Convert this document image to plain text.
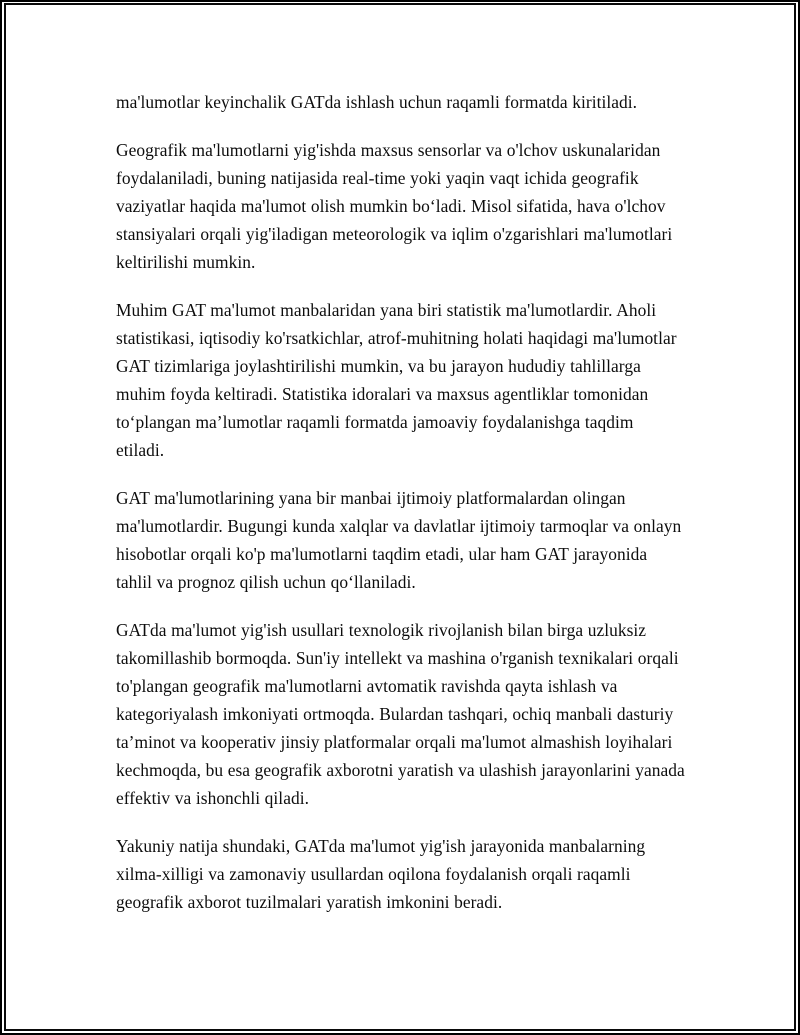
ma'lumotlar keyinchalik GATda ishlash uchun raqamli formatda kiritiladi.

Geografik ma'lumotlarni yig'ishda maxsus sensorlar va o'lchov uskunalaridan foydalaniladi, buning natijasida real-time yoki yaqin vaqt ichida geografik vaziyatlar haqida ma'lumot olish mumkin bo‘ladi. Misol sifatida, hava o'lchov stansiyalari orqali yig'iladigan meteorologik va iqlim o'zgarishlari ma'lumotlari keltirilishi mumkin.

Muhim GAT ma'lumot manbalaridan yana biri statistik ma'lumotlardir. Aholi statistikasi, iqtisodiy ko'rsatkichlar, atrof-muhitning holati haqidagi ma'lumotlar GAT tizimlariga joylashtirilishi mumkin, va bu jarayon hududiy tahlillarga muhim foyda keltiradi. Statistika idoralari va maxsus agentliklar tomonidan to‘plangan ma’lumotlar raqamli formatda jamoaviy foydalanishga taqdim etiladi.

GAT ma'lumotlarining yana bir manbai ijtimoiy platformalardan olingan ma'lumotlardir. Bugungi kunda xalqlar va davlatlar ijtimoiy tarmoqlar va onlayn hisobotlar orqali ko'p ma'lumotlarni taqdim etadi, ular ham GAT jarayonida tahlil va prognoz qilish uchun qo‘llaniladi.

GATda ma'lumot yig'ish usullari texnologik rivojlanish bilan birga uzluksiz takomillashib bormoqda. Sun'iy intellekt va mashina o'rganish texnikalari orqali to'plangan geografik ma'lumotlarni avtomatik ravishda qayta ishlash va kategoriyalash imkoniyati ortmoqda. Bulardan tashqari, ochiq manbali dasturiy ta’minot va kooperativ jinsiy platformalar orqali ma'lumot almashish loyihalari kechmoqda, bu esa geografik axborotni yaratish va ulashish jarayonlarini yanada effektiv va ishonchli qiladi.

Yakuniy natija shundaki, GATda ma'lumot yig'ish jarayonida manbalarning xilma-xilligi va zamonaviy usullardan oqilona foydalanish orqali raqamli geografik axborot tuzilmalari yaratish imkonini beradi.
